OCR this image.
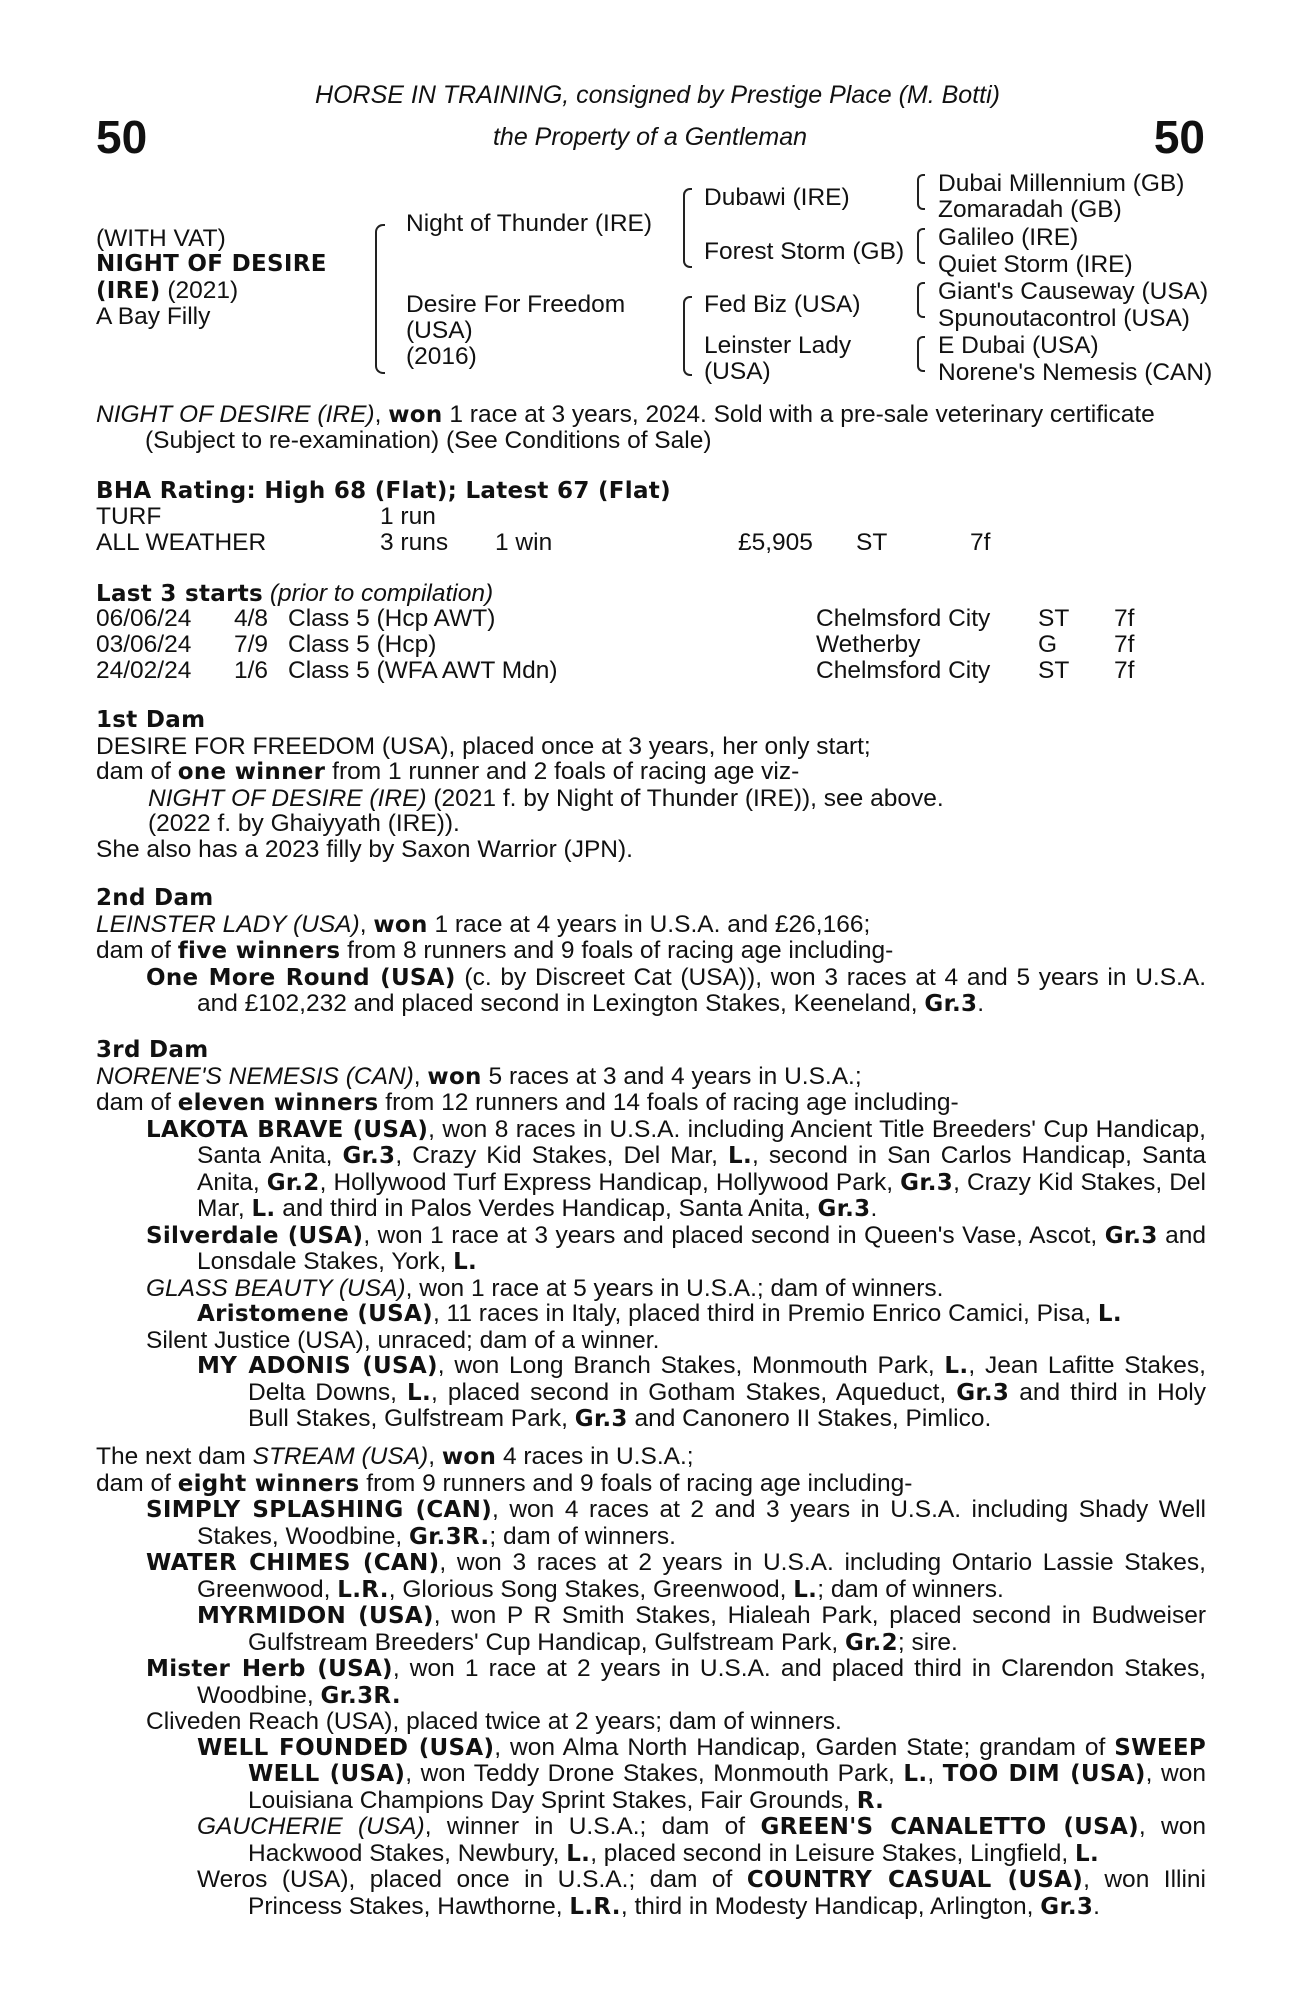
50	50
HORSE IN TRAINING, consigned by Prestige Place (M. Botti)
the Property of a Gentleman
(WITH VAT)
NIGHT OF DESIRE
(IRE) (2021)
A Bay Filly
Night of Thunder (IRE)
Desire For Freedom
(USA)
(2016)
Dubawi (IRE)
Forest Storm (GB)
Fed Biz (USA)
Leinster Lady
(USA)
Dubai Millennium (GB)
Zomaradah (GB)
Galileo (IRE)
Quiet Storm (IRE)
Giant's Causeway (USA)
Spunoutacontrol (USA)
E Dubai (USA)
Norene's Nemesis (CAN)
NIGHT OF DESIRE (IRE), won 1 race at 3 years, 2024. Sold with a pre-sale veterinary certificate
(Subject to re-examination) (See Conditions of Sale)
BHA Rating: High 68 (Flat); Latest 67 (Flat)
TURF	1 run
ALL WEATHER	3 runs 1 win	£5,905 ST	7f
Last 3 starts (prior to compilation)
06/06/24 4/8 Class 5 (Hcp AWT)	Chelmsford City ST 7f
03/06/24 7/9 Class 5 (Hcp)	Wetherby	G 7f
24/02/24 1/6 Class 5 (WFA AWT Mdn)	Chelmsford City ST 7f

1st Dam

DESIRE FOR FREEDOM (USA), placed once at 3 years, her only start;

dam of one winner from 1 runner and 2 foals of racing age viz-

NIGHT OF DESIRE (IRE) (2021 f. by Night of Thunder (IRE)), see above.

(2022 f. by Ghaiyyath (IRE)).

She also has a 2023 filly by Saxon Warrior (JPN).

2nd Dam

LEINSTER LADY (USA), won 1 race at 4 years in U.S.A. and £26,166;

dam of five winners from 8 runners and 9 foals of racing age including-

One More Round (USA) (c. by Discreet Cat (USA)), won 3 races at 4 and 5 years in U.S.A. and £102,232 and placed second in Lexington Stakes, Keeneland, Gr.3.

3rd Dam

NORENE'S NEMESIS (CAN), won 5 races at 3 and 4 years in U.S.A.;

dam of eleven winners from 12 runners and 14 foals of racing age including-

LAKOTA BRAVE (USA), won 8 races in U.S.A. including Ancient Title Breeders' Cup Handicap, Santa Anita, Gr.3, Crazy Kid Stakes, Del Mar, L., second in San Carlos Handicap, Santa Anita, Gr.2, Hollywood Turf Express Handicap, Hollywood Park, Gr.3, Crazy Kid Stakes, Del Mar, L. and third in Palos Verdes Handicap, Santa Anita, Gr.3.

Silverdale (USA), won 1 race at 3 years and placed second in Queen's Vase, Ascot, Gr.3 and Lonsdale Stakes, York, L.

GLASS BEAUTY (USA), won 1 race at 5 years in U.S.A.; dam of winners.

Aristomene (USA), 11 races in Italy, placed third in Premio Enrico Camici, Pisa, L.

Silent Justice (USA), unraced; dam of a winner.

MY ADONIS (USA), won Long Branch Stakes, Monmouth Park, L., Jean Lafitte Stakes, Delta Downs, L., placed second in Gotham Stakes, Aqueduct, Gr.3 and third in Holy Bull Stakes, Gulfstream Park, Gr.3 and Canonero II Stakes, Pimlico.

The next dam STREAM (USA), won 4 races in U.S.A.;

dam of eight winners from 9 runners and 9 foals of racing age including-

SIMPLY SPLASHING (CAN), won 4 races at 2 and 3 years in U.S.A. including Shady Well Stakes, Woodbine, Gr.3R.; dam of winners.

WATER CHIMES (CAN), won 3 races at 2 years in U.S.A. including Ontario Lassie Stakes, Greenwood, L.R., Glorious Song Stakes, Greenwood, L.; dam of winners.

MYRMIDON (USA), won P R Smith Stakes, Hialeah Park, placed second in Budweiser Gulfstream Breeders' Cup Handicap, Gulfstream Park, Gr.2; sire.

Mister Herb (USA), won 1 race at 2 years in U.S.A. and placed third in Clarendon Stakes, Woodbine, Gr.3R.

Cliveden Reach (USA), placed twice at 2 years; dam of winners.

WELL FOUNDED (USA), won Alma North Handicap, Garden State; grandam of SWEEP WELL (USA), won Teddy Drone Stakes, Monmouth Park, L., TOO DIM (USA), won Louisiana Champions Day Sprint Stakes, Fair Grounds, R.

GAUCHERIE (USA), winner in U.S.A.; dam of GREEN'S CANALETTO (USA), won Hackwood Stakes, Newbury, L., placed second in Leisure Stakes, Lingfield, L.

Weros (USA), placed once in U.S.A.; dam of COUNTRY CASUAL (USA), won Illini Princess Stakes, Hawthorne, L.R., third in Modesty Handicap, Arlington, Gr.3.
